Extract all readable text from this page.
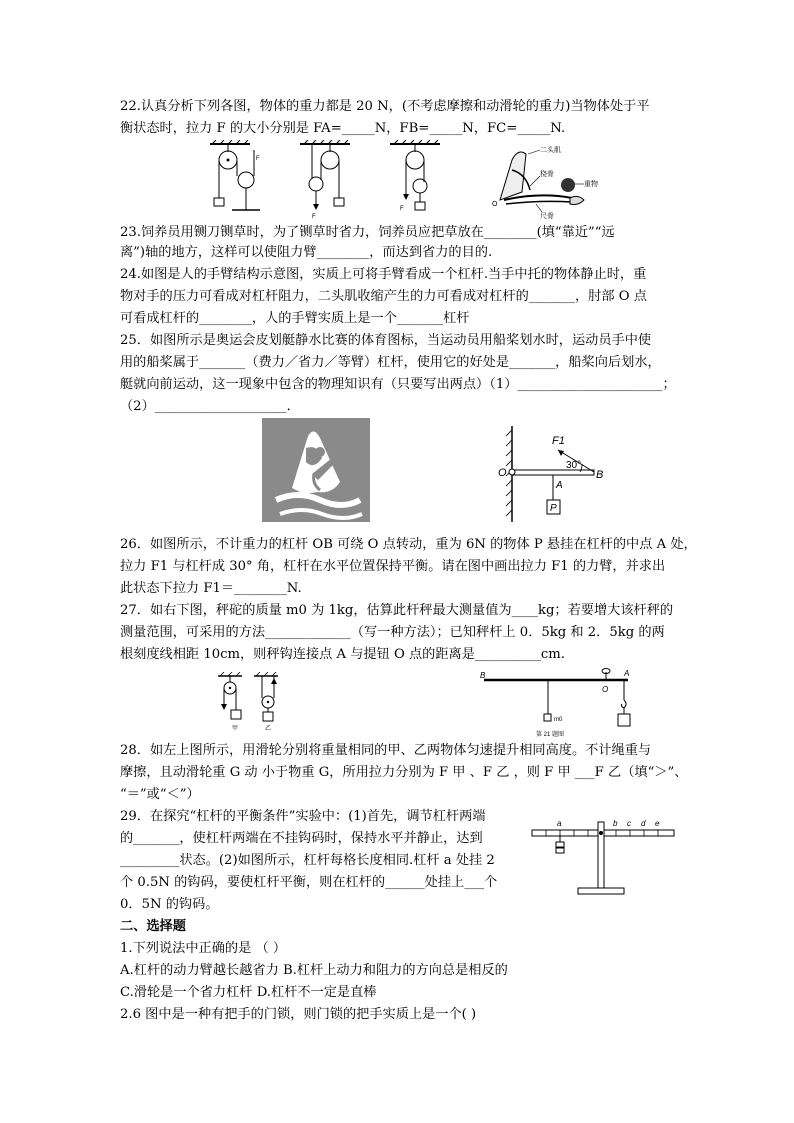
22.认真分析下列各图，物体的重力都是 20 N，(不考虑摩擦和动滑轮的重力)当物体处于平
衡状态时，拉力 F 的大小分别是 FA=_____N，FB=_____N，FC=_____N.
F
F
F
二头肌
桡骨
重物
尺骨
O
23.饲养员用铡刀铡草时，为了铡草时省力，饲养员应把草放在________(填“靠近”“远
离”)轴的地方，这样可以使阻力臂________，而达到省力的目的.
24.如图是人的手臂结构示意图，实质上可将手臂看成一个杠杆.当手中托的物体静止时，重
物对手的压力可看成对杠杆阻力，二头肌收缩产生的力可看成对杠杆的_______，肘部 O 点
可看成杠杆的________，人的手臂实质上是一个_______杠杆
25．如图所示是奥运会皮划艇静水比赛的体育图标，当运动员用船桨划水时，运动员手中使
用的船桨属于_______（费力／省力／等臂）杠杆，使用它的好处是_______，船桨向后划水，
艇就向前运动，这一现象中包含的物理知识有（只要写出两点）（1）______________________；
（2）____________________．
F1
30°
O	B
A
P
26．如图所示，不计重力的杠杆 OB 可绕 O 点转动，重为 6N 的物体 P 悬挂在杠杆的中点 A 处，
拉力 F1 与杠杆成 30° 角，杠杆在水平位置保持平衡。请在图中画出拉力 F1 的力臂，并求出
此状态下拉力 F1＝________N.
27．如右下图，秤砣的质量 m0 为 1kg，估算此杆秤最大测量值为____kg；若要增大该杆秤的
测量范围，可采用的方法_____________（写一种方法）；已知秤杆上 0．5kg 和 2．5kg 的两
根刻度线相距 10cm，则秤钩连接点 A 与提钮 O 点的距离是__________cm.
甲	乙
B
O
A
m0
第 21 题图
28．如左上图所示，用滑轮分别将重量相同的甲、乙两物体匀速提升相同高度。不计绳重与
摩擦，且动滑轮重 G 动 小于物重 G，所用拉力分别为 F 甲 、F 乙 ，则 F 甲 ___F 乙（填“＞”、
“＝”或“＜”）
29．在探究“杠杆的平衡条件”实验中：(1)首先，调节杠杆两端
的_______，使杠杆两端在不挂钩码时，保持水平并静止，达到
_________状态。(2)如图所示，杠杆每格长度相同.杠杆 a 处挂 2
个 0.5N 的钩码，要使杠杆平衡，则在杠杆的______处挂上___个
0．5N 的钩码。
a	b c d e
二、选择题
1.下列说法中正确的是 （ ）
A.杠杆的动力臂越长越省力 B.杠杆上动力和阻力的方向总是相反的
C.滑轮是一个省力杠杆 D.杠杆不一定是直棒
2.6 图中是一种有把手的门锁，则门锁的把手实质上是一个( )
